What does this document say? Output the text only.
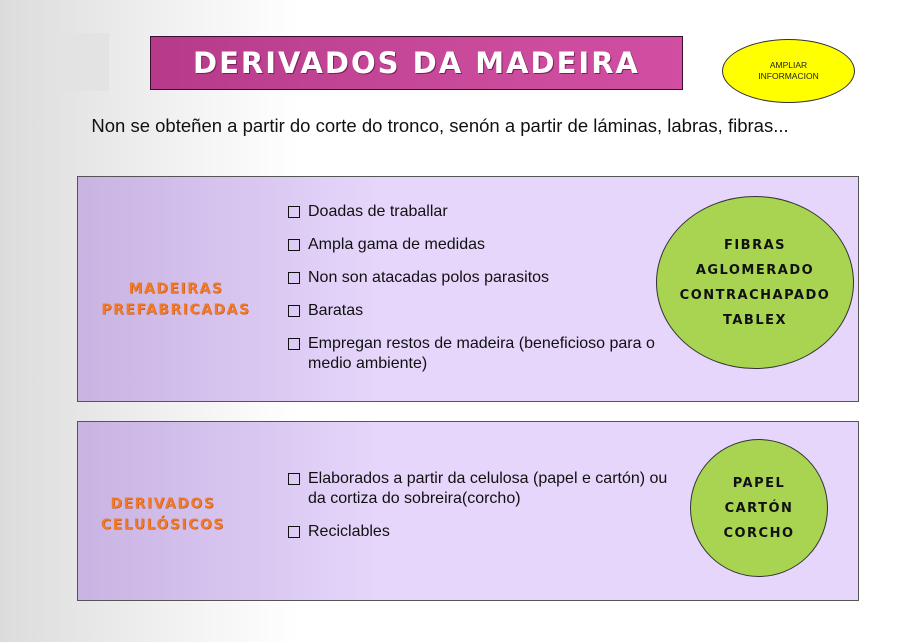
DERIVADOS DA MADEIRA	AMPLIAR
INFORMACION
Non se obteñen a partir do corte do tronco, senón a partir de láminas, labras, fibras...
MADEIRAS PREFABRICADAS
Doadas de traballar
Ampla gama de medidas
Non son atacadas polos parasitos
Baratas
Empregan restos de madeira (beneficioso para o medio ambiente)
FIBRAS
AGLOMERADO
CONTRACHAPADO
TABLEX
DERIVADOS CELULÓSICOS
Elaborados a partir da celulosa (papel e cartón) ou da cortiza do sobreira(corcho)
Reciclables
PAPEL
CARTÓN
CORCHO
